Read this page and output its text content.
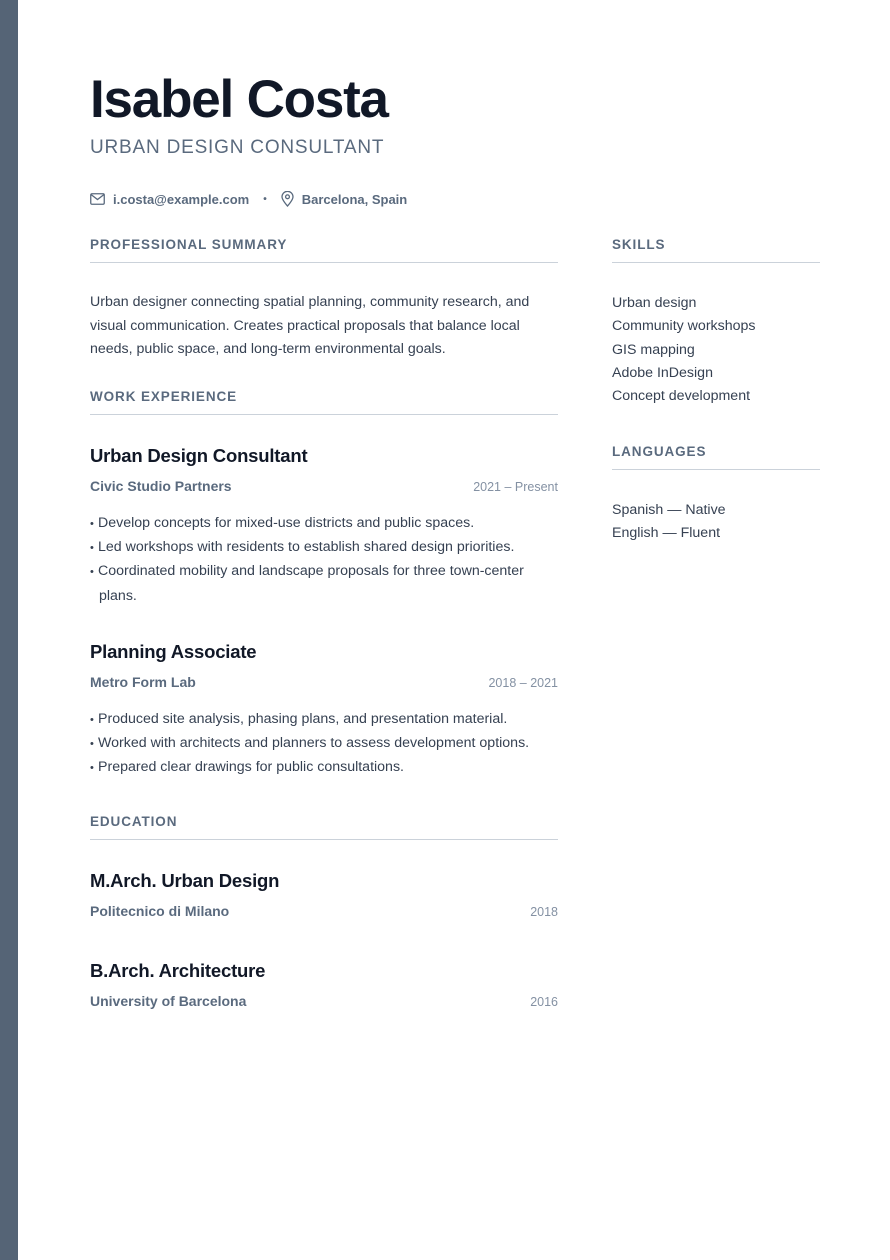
Isabel Costa
URBAN DESIGN CONSULTANT
i.costa@example.com •	Barcelona, Spain
PROFESSIONAL SUMMARY

Urban designer connecting spatial planning, community research, and visual communication. Creates practical proposals that balance local needs, public space, and long-term environmental goals.

WORK EXPERIENCE
Urban Design Consultant
Civic Studio Partners	2021 – Present
• Develop concepts for mixed-use districts and public spaces.
• Led workshops with residents to establish shared design priorities.
• Coordinated mobility and landscape proposals for three town-center plans.
Planning Associate
Metro Form Lab	2018 – 2021
• Produced site analysis, phasing plans, and presentation material.
• Worked with architects and planners to assess development options.
• Prepared clear drawings for public consultations.
EDUCATION
M.Arch. Urban Design
Politecnico di Milano	2018
B.Arch. Architecture
University of Barcelona	2016
SKILLS
Urban design
Community workshops
GIS mapping
Adobe InDesign
Concept development
LANGUAGES
Spanish — Native
English — Fluent
